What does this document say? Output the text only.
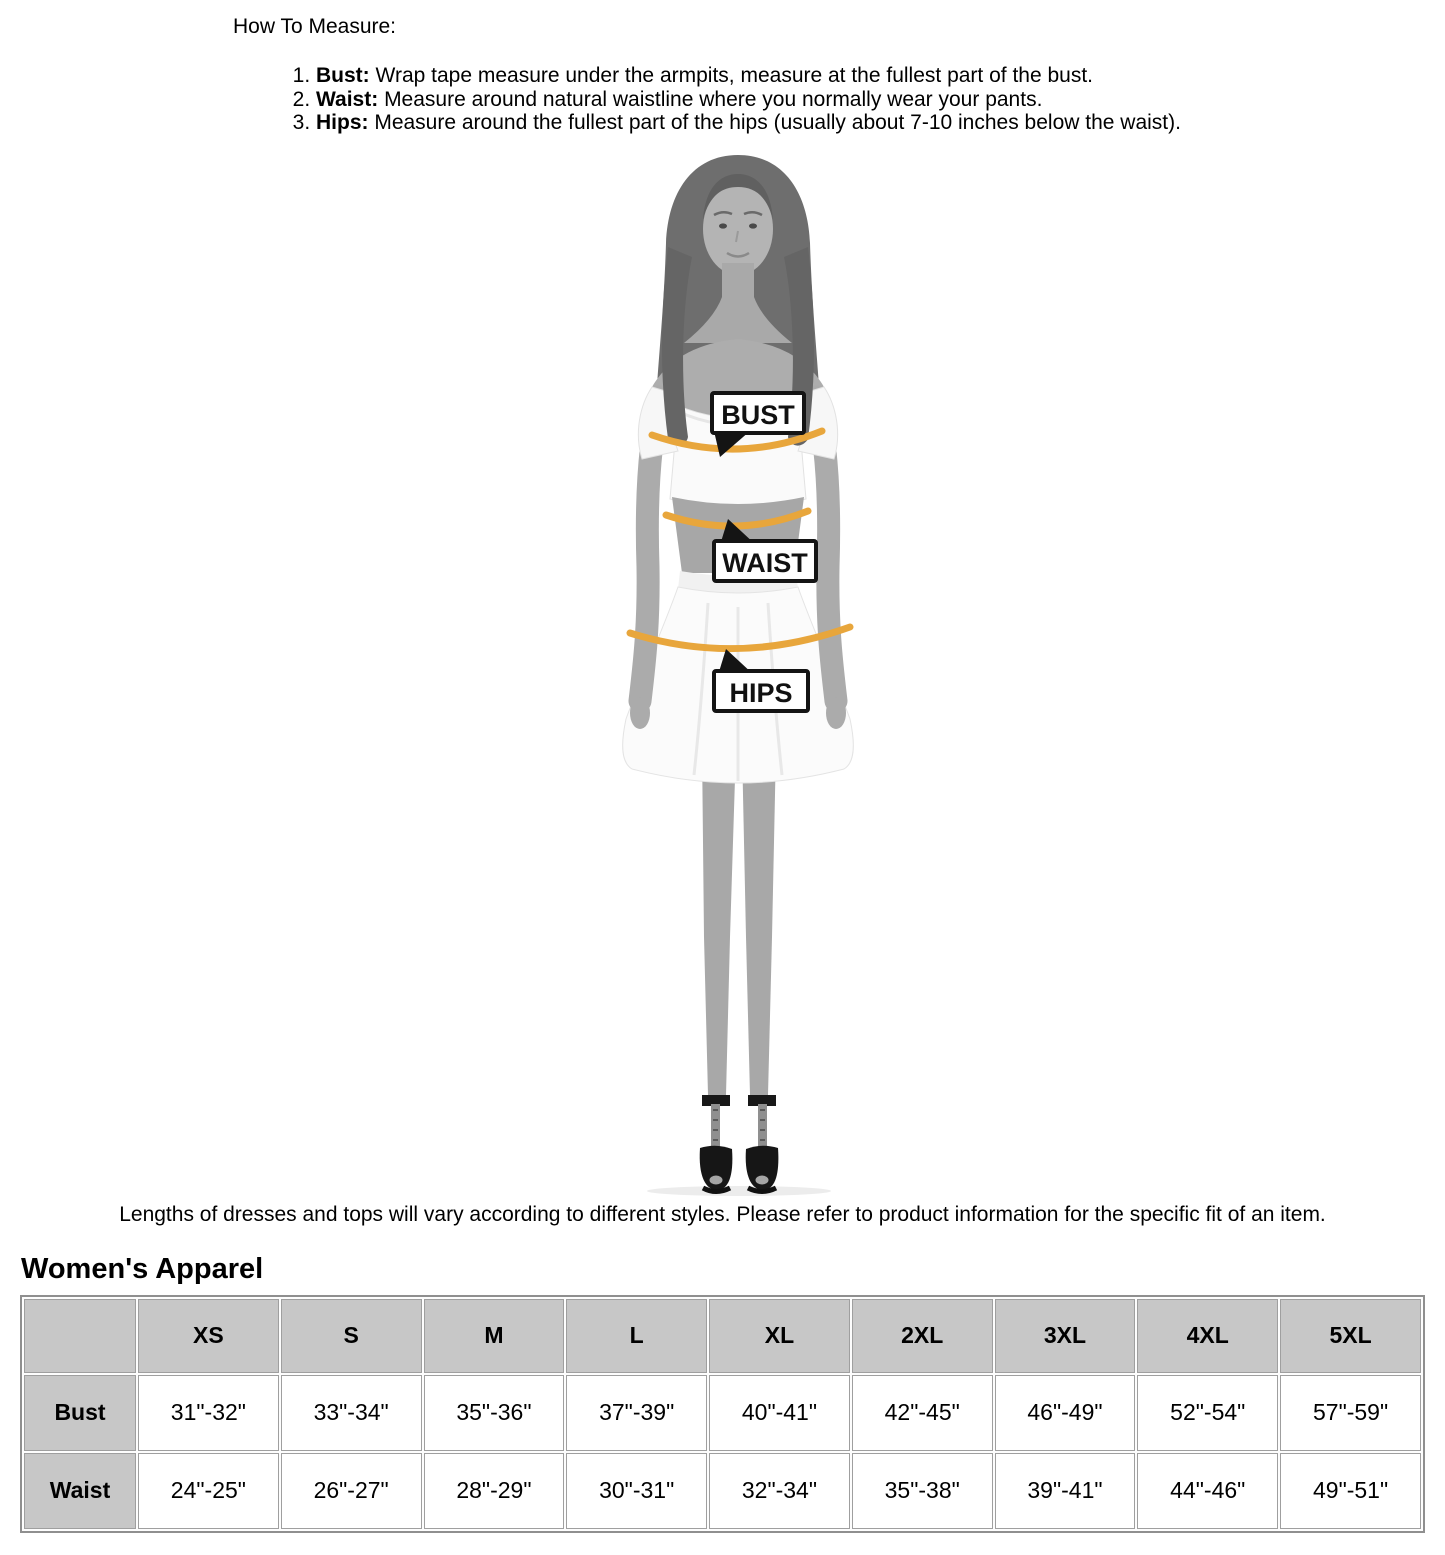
How To Measure:

1. Bust: Wrap tape measure under the armpits, measure at the fullest part of the bust.
2. Waist: Measure around natural waistline where you normally wear your pants.
3. Hips: Measure around the fullest part of the hips (usually about 7-10 inches below the waist).
BUST
WAIST
HIPS

Lengths of dresses and tops will vary according to different styles. Please refer to product information for the specific fit of an item.

Women's Apparel
	XS	S	M	L	XL	2XL	3XL	4XL	5XL
Bust	31"-32"	33"-34"	35"-36"	37"-39"	40"-41"	42"-45"	46"-49"	52"-54"	57"-59"
Waist	24"-25"	26"-27"	28"-29"	30"-31"	32"-34"	35"-38"	39"-41"	44"-46"	49"-51"
